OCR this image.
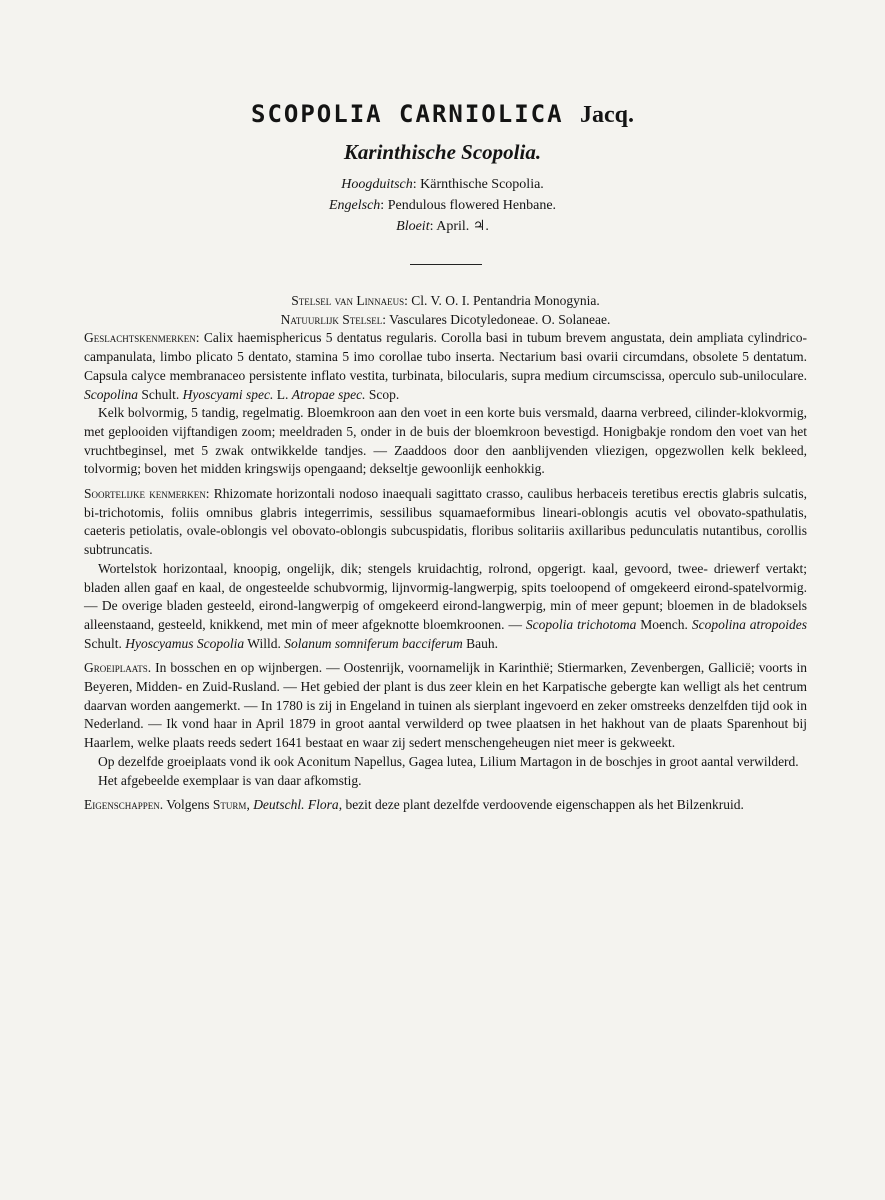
SCOPOLIA CARNIOLICA Jacq.
Karinthische Scopolia.
Hoogduitsch: Kärnthische Scopolia.
Engelsch: Pendulous flowered Henbane.
Bloeit: April. ♃.

Stelsel van Linnaeus: Cl. V. O. I. Pentandria Monogynia.

Natuurlijk Stelsel: Vasculares Dicotyledoneae. O. Solaneae.

Geslachtskenmerken: Calix haemisphericus 5 dentatus regularis. Corolla basi in tubum brevem angustata, dein ampliata cylindrico-campanulata, limbo plicato 5 dentato, stamina 5 imo corollae tubo inserta. Nectarium basi ovarii circumdans, obsolete 5 dentatum. Capsula calyce membranaceo persistente inflato vestita, turbinata, bilocularis, supra medium circumscissa, operculo sub-uniloculare. Scopolina Schult. Hyoscyami spec. L. Atropae spec. Scop.

Kelk bolvormig, 5 tandig, regelmatig. Bloemkroon aan den voet in een korte buis versmald, daarna verbreed, cilinder-klokvormig, met geplooiden vijftandigen zoom; meeldraden 5, onder in de buis der bloemkroon bevestigd. Honigbakje rondom den voet van het vruchtbeginsel, met 5 zwak ontwikkelde tandjes. — Zaaddoos door den aanblijvenden vliezigen, opgezwollen kelk bekleed, tolvormig; boven het midden kringswijs opengaand; dekseltje gewoonlijk eenhokkig.

Soortelijke kenmerken: Rhizomate horizontali nodoso inaequali sagittato crasso, caulibus herbaceis teretibus erectis glabris sulcatis, bi-trichotomis, foliis omnibus glabris integerrimis, sessilibus squamaeformibus lineari-oblongis acutis vel obovato-spathulatis, caeteris petiolatis, ovale-oblongis vel obovato-oblongis subcuspidatis, floribus solitariis axillaribus pedunculatis nutantibus, corollis subtruncatis.

Wortelstok horizontaal, knoopig, ongelijk, dik; stengels kruidachtig, rolrond, opgerigt. kaal, gevoord, twee- driewerf vertakt; bladen allen gaaf en kaal, de ongesteelde schubvormig, lijnvormig-langwerpig, spits toeloopend of omgekeerd eirond-spatelvormig. — De overige bladen gesteeld, eirond-langwerpig of omgekeerd eirond-langwerpig, min of meer gepunt; bloemen in de bladoksels alleenstaand, gesteeld, knikkend, met min of meer afgeknotte bloemkroonen. — Scopolia trichotoma Moench. Scopolina atropoides Schult. Hyoscyamus Scopolia Willd. Solanum somniferum bacciferum Bauh.

Groeiplaats. In bosschen en op wijnbergen. — Oostenrijk, voornamelijk in Karinthië; Stiermarken, Zevenbergen, Gallicië; voorts in Beyeren, Midden- en Zuid-Rusland. — Het gebied der plant is dus zeer klein en het Karpatische gebergte kan welligt als het centrum daarvan worden aangemerkt. — In 1780 is zij in Engeland in tuinen als sierplant ingevoerd en zeker omstreeks denzelfden tijd ook in Nederland. — Ik vond haar in April 1879 in groot aantal verwilderd op twee plaatsen in het hakhout van de plaats Sparenhout bij Haarlem, welke plaats reeds sedert 1641 bestaat en waar zij sedert menschengeheugen niet meer is gekweekt.

Op dezelfde groeiplaats vond ik ook Aconitum Napellus, Gagea lutea, Lilium Martagon in de boschjes in groot aantal verwilderd.

Het afgebeelde exemplaar is van daar afkomstig.

Eigenschappen. Volgens Sturm, Deutschl. Flora, bezit deze plant dezelfde verdoovende eigenschappen als het Bilzenkruid.
